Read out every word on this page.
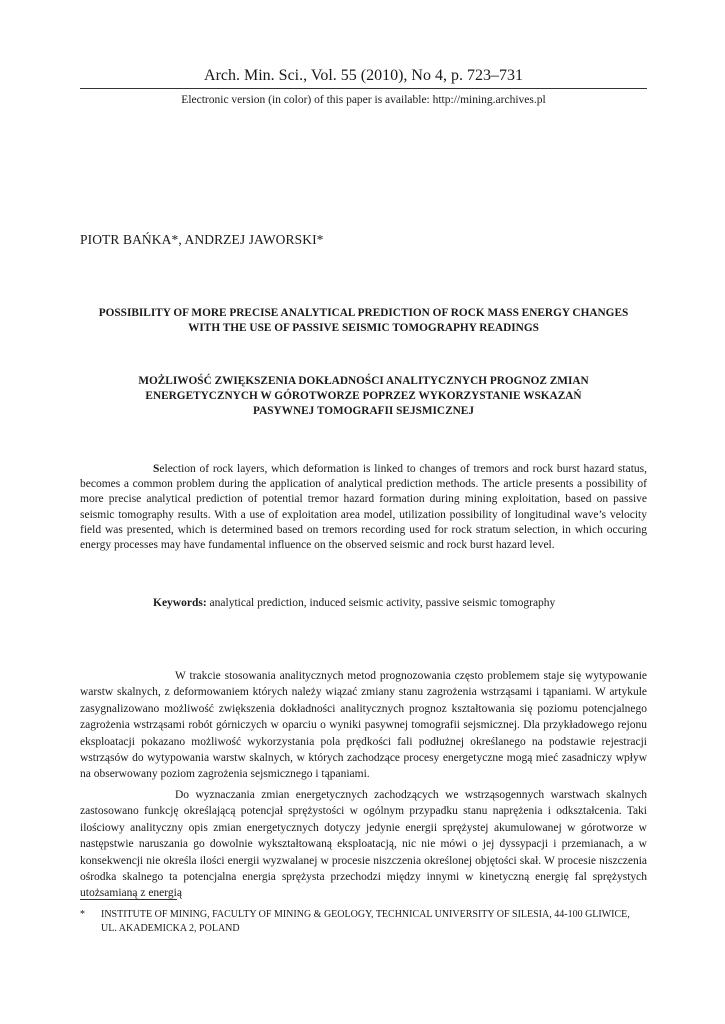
Arch. Min. Sci., Vol. 55 (2010), No 4, p. 723–731
Electronic version (in color) of this paper is available: http://mining.archives.pl
PIOTR BAŃKA*, ANDRZEJ JAWORSKI*
POSSIBILITY OF MORE PRECISE ANALYTICAL PREDICTION OF ROCK MASS ENERGY CHANGES
WITH THE USE OF PASSIVE SEISMIC TOMOGRAPHY READINGS
MOŻLIWOŚĆ ZWIĘKSZENIA DOKŁADNOŚCI ANALITYCZNYCH PROGNOZ ZMIAN
ENERGETYCZNYCH W GÓROTWORZE POPRZEZ WYKORZYSTANIE WSKAZAŃ
PASYWNEJ TOMOGRAFII SEJSMICZNEJ

Selection of rock layers, which deformation is linked to changes of tremors and rock burst hazard status, becomes a common problem during the application of analytical prediction methods. The article presents a possibility of more precise analytical prediction of potential tremor hazard formation during mining exploitation, based on passive seismic tomography results. With a use of exploitation area model, utilization possibility of longitudinal wave’s velocity field was presented, which is determined based on tremors recording used for rock stratum selection, in which occuring energy processes may have fundamental influence on the observed seismic and rock burst hazard level.

Keywords: analytical prediction, induced seismic activity, passive seismic tomography

W trakcie stosowania analitycznych metod prognozowania często problemem staje się wytypowanie warstw skalnych, z deformowaniem których należy wiązać zmiany stanu zagrożenia wstrząsami i tąpaniami. W artykule zasygnalizowano możliwość zwiększenia dokładności analitycznych prognoz kształtowania się poziomu potencjalnego zagrożenia wstrząsami robót górniczych w oparciu o wyniki pasywnej tomografii sejsmicznej. Dla przykładowego rejonu eksploatacji pokazano możliwość wykorzystania pola prędkości fali podłużnej określanego na podstawie rejestracji wstrząsów do wytypowania warstw skalnych, w których zachodzące procesy energetyczne mogą mieć zasadniczy wpływ na obserwowany poziom zagrożenia sejsmicznego i tąpaniami.

Do wyznaczania zmian energetycznych zachodzących we wstrząsogennych warstwach skalnych zastosowano funkcję określającą potencjał sprężystości w ogólnym przypadku stanu naprężenia i odkształcenia. Taki ilościowy analityczny opis zmian energetycznych dotyczy jedynie energii sprężystej akumulowanej w górotworze w następstwie naruszania go dowolnie wykształtowaną eksploatacją, nic nie mówi o jej dyssypacji i przemianach, a w konsekwencji nie określa ilości energii wyzwalanej w procesie niszczenia określonej objętości skał. W procesie niszczenia ośrodka skalnego ta potencjalna energia sprężysta przechodzi między innymi w kinetyczną energię fal sprężystych utożsamianą z energią

* INSTITUTE OF MINING, FACULTY OF MINING & GEOLOGY, TECHNICAL UNIVERSITY OF SILESIA, 44-100 GLIWICE,
UL. AKADEMICKA 2, POLAND
